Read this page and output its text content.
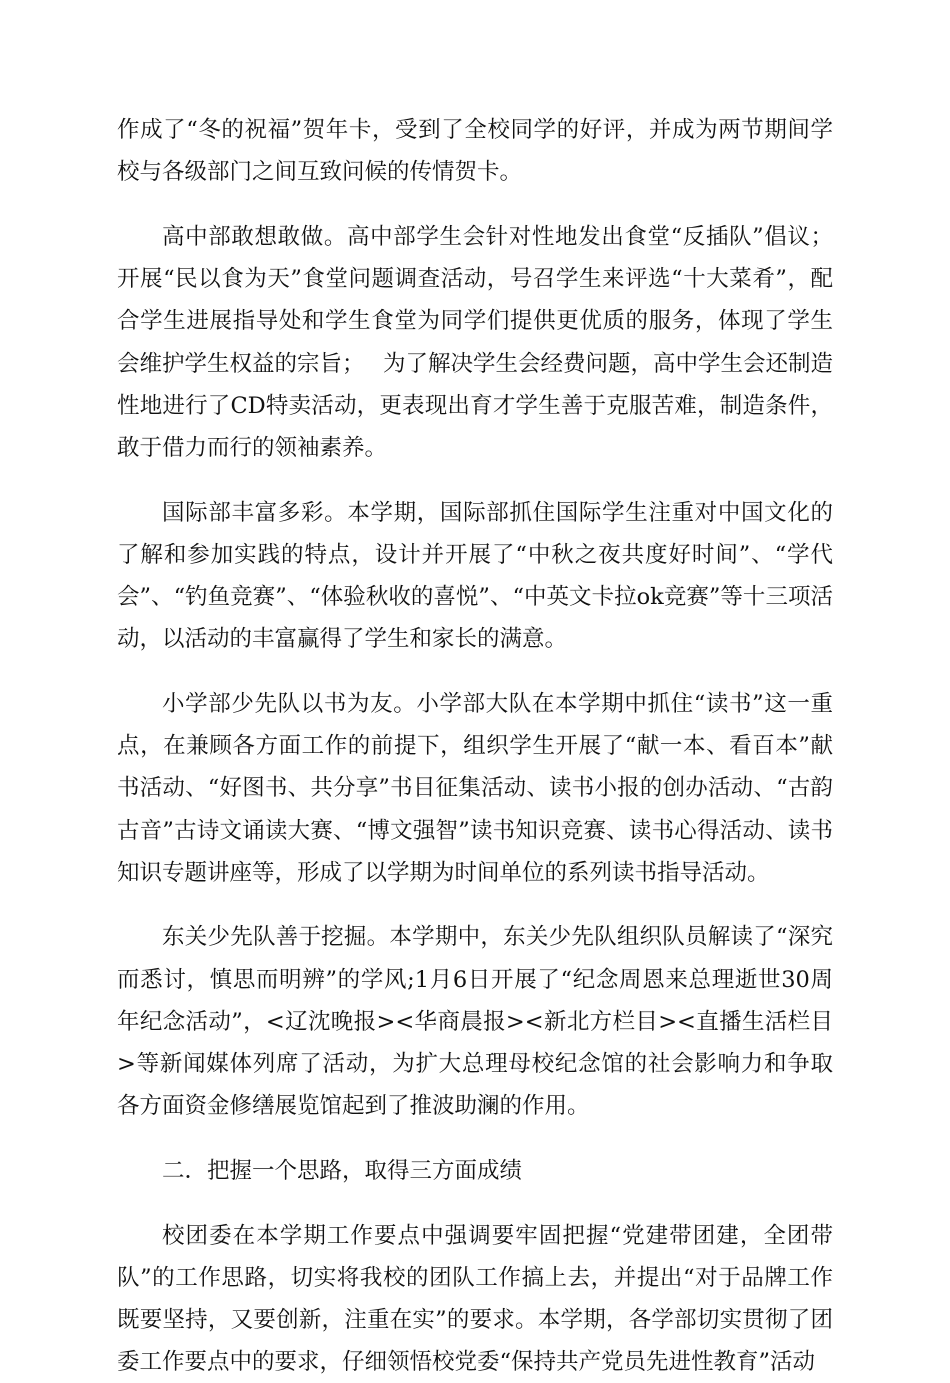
作成了“冬的祝福”贺年卡，受到了全校同学的好评，并成为两节期间学校与各级部门之间互致问候的传情贺卡。

高中部敢想敢做。高中部学生会针对性地发出食堂“反插队”倡议；开展“民以食为天”食堂问题调查活动，号召学生来评选“十大菜肴”，配合学生进展指导处和学生食堂为同学们提供更优质的服务，体现了学生会维护学生权益的宗旨；　 为了解决学生会经费问题，高中学生会还制造性地进行了CD特卖活动，更表现出育才学生善于克服苦难，制造条件，敢于借力而行的领袖素养。

国际部丰富多彩。本学期，国际部抓住国际学生注重对中国文化的了解和参加实践的特点，设计并开展了“中秋之夜共度好时间”、“学代会”、“钓鱼竞赛”、“体验秋收的喜悦”、“中英文卡拉ok竞赛”等十三项活动，以活动的丰富赢得了学生和家长的满意。

小学部少先队以书为友。小学部大队在本学期中抓住“读书”这一重点，在兼顾各方面工作的前提下，组织学生开展了“献一本、看百本”献书活动、“好图书、共分享”书目征集活动、读书小报的创办活动、“古韵古音”古诗文诵读大赛、“博文强智”读书知识竞赛、读书心得活动、读书知识专题讲座等，形成了以学期为时间单位的系列读书指导活动。

东关少先队善于挖掘。本学期中，东关少先队组织队员解读了“深究而悉讨，慎思而明辨”的学风;1月6日开展了“纪念周恩来总理逝世30周年纪念活动”，<辽沈晚报><华商晨报><新北方栏目><直播生活栏目>等新闻媒体列席了活动，为扩大总理母校纪念馆的社会影响力和争取各方面资金修缮展览馆起到了推波助澜的作用。

二．把握一个思路，取得三方面成绩

校团委在本学期工作要点中强调要牢固把握“党建带团建，全团带队”的工作思路，切实将我校的团队工作搞上去，并提出“对于品牌工作既要坚持，又要创新，注重在实”的要求。本学期，各学部切实贯彻了团委工作要点中的要求，仔细领悟校党委“保持共产党员先进性教育”活动
